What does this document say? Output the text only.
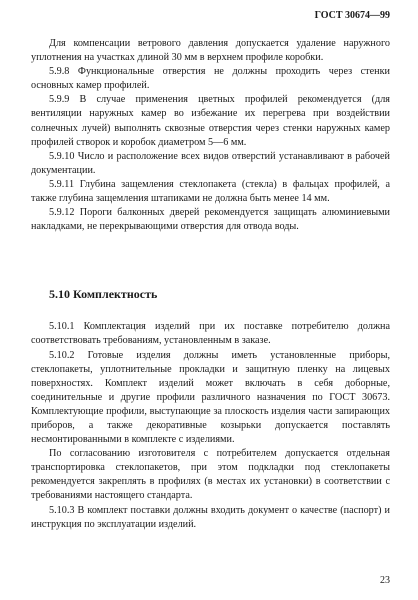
ГОСТ 30674—99

Для компенсации ветрового давления допускается удаление наружного уплотнения на участках длиной 30 мм в верхнем профиле коробки.

5.9.8 Функциональные отверстия не должны проходить через стенки основных камер профилей.

5.9.9 В случае применения цветных профилей рекомендуется (для вентиляции наружных камер во избежание их перегрева при воздействии солнечных лучей) выполнять сквозные отверстия через стенки наружных камер профилей створок и коробок диаметром 5—6 мм.

5.9.10 Число и расположение всех видов отверстий устанавливают в рабочей документации.

5.9.11 Глубина защемления стеклопакета (стекла) в фальцах профилей, а также глубина защемления штапиками не должна быть менее 14 мм.

5.9.12 Пороги балконных дверей рекомендуется защищать алюминиевыми накладками, не перекрывающими отверстия для отвода воды.

5.10 Комплектность

5.10.1 Комплектация изделий при их поставке потребителю должна соответствовать требованиям, установленным в заказе.

5.10.2 Готовые изделия должны иметь установленные приборы, стеклопакеты, уплотнительные прокладки и защитную пленку на лицевых поверхностях. Комплект изделий может включать в себя доборные, соединительные и другие профили различного назначения по ГОСТ 30673. Комплектующие профили, выступающие за плоскость изделия части запирающих приборов, а также декоративные козырьки допускается поставлять несмонтированными в комплекте с изделиями.

По согласованию изготовителя с потребителем допускается отдельная транспортировка стеклопакетов, при этом подкладки под стеклопакеты рекомендуется закреплять в профилях (в местах их установки) в соответствии с требованиями настоящего стандарта.

5.10.3 В комплект поставки должны входить документ о качестве (паспорт) и инструкция по эксплуатации изделий.

23
